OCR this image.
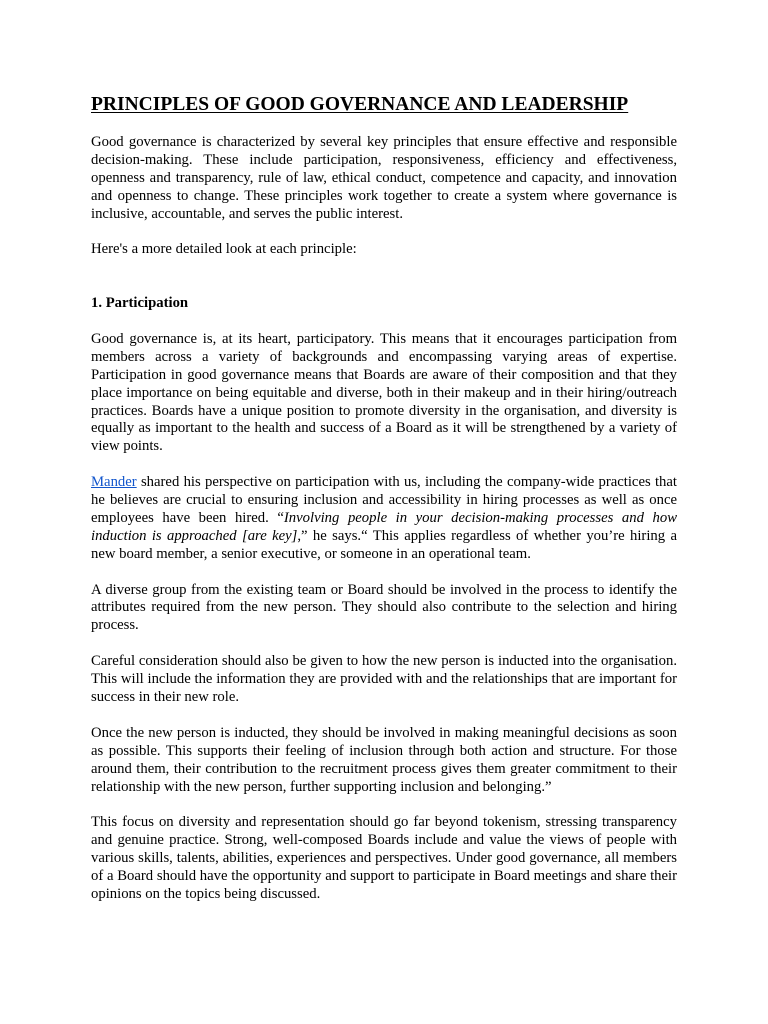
PRINCIPLES OF GOOD GOVERNANCE AND LEADERSHIP

Good governance is characterized by several key principles that ensure effective and responsible decision-making. These include participation, responsiveness, efficiency and effectiveness, openness and transparency, rule of law, ethical conduct, competence and capacity, and innovation and openness to change. These principles work together to create a system where governance is inclusive, accountable, and serves the public interest.

Here's a more detailed look at each principle:

1. Participation

Good governance is, at its heart, participatory. This means that it encourages participation from members across a variety of backgrounds and encompassing varying areas of expertise. Participation in good governance means that Boards are aware of their composition and that they place importance on being equitable and diverse, both in their makeup and in their hiring/outreach practices. Boards have a unique position to promote diversity in the organisation, and diversity is equally as important to the health and success of a Board as it will be strengthened by a variety of view points.

Mander shared his perspective on participation with us, including the company-wide practices that he believes are crucial to ensuring inclusion and accessibility in hiring processes as well as once employees have been hired. “Involving people in your decision-making processes and how induction is approached [are key],” he says.“ This applies regardless of whether you’re hiring a new board member, a senior executive, or someone in an operational team.

A diverse group from the existing team or Board should be involved in the process to identify the attributes required from the new person. They should also contribute to the selection and hiring process.

Careful consideration should also be given to how the new person is inducted into the organisation. This will include the information they are provided with and the relationships that are important for success in their new role.

Once the new person is inducted, they should be involved in making meaningful decisions as soon as possible. This supports their feeling of inclusion through both action and structure. For those around them, their contribution to the recruitment process gives them greater commitment to their relationship with the new person, further supporting inclusion and belonging.”

This focus on diversity and representation should go far beyond tokenism, stressing transparency and genuine practice. Strong, well-composed Boards include and value the views of people with various skills, talents, abilities, experiences and perspectives. Under good governance, all members of a Board should have the opportunity and support to participate in Board meetings and share their opinions on the topics being discussed.
